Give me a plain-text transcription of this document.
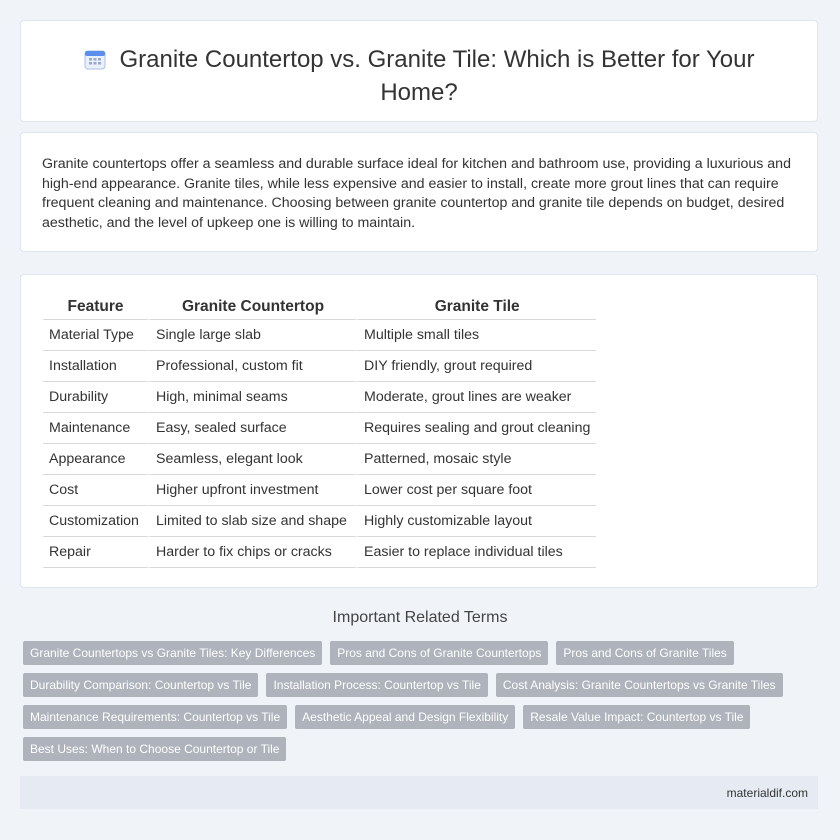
Granite Countertop vs. Granite Tile: Which is Better for Your
Home?

Granite countertops offer a seamless and durable surface ideal for kitchen and bathroom use, providing a luxurious and high-end appearance. Granite tiles, while less expensive and easier to install, create more grout lines that can require frequent cleaning and maintenance. Choosing between granite countertop and granite tile depends on budget, desired aesthetic, and the level of upkeep one is willing to maintain.

Feature	Granite Countertop	Granite Tile
Material Type	Single large slab	Multiple small tiles
Installation	Professional, custom fit	DIY friendly, grout required
Durability	High, minimal seams	Moderate, grout lines are weaker
Maintenance	Easy, sealed surface	Requires sealing and grout cleaning
Appearance	Seamless, elegant look	Patterned, mosaic style
Cost	Higher upfront investment	Lower cost per square foot
Customization	Limited to slab size and shape	Highly customizable layout
Repair	Harder to fix chips or cracks	Easier to replace individual tiles
Important Related Terms
Granite Countertops vs Granite Tiles: Key Differences	Pros and Cons of Granite Countertops	Pros and Cons of Granite Tiles
Durability Comparison: Countertop vs Tile	Installation Process: Countertop vs Tile	Cost Analysis: Granite Countertops vs Granite Tiles
Maintenance Requirements: Countertop vs Tile	Aesthetic Appeal and Design Flexibility	Resale Value Impact: Countertop vs Tile
Best Uses: When to Choose Countertop or Tile
materialdif.com
